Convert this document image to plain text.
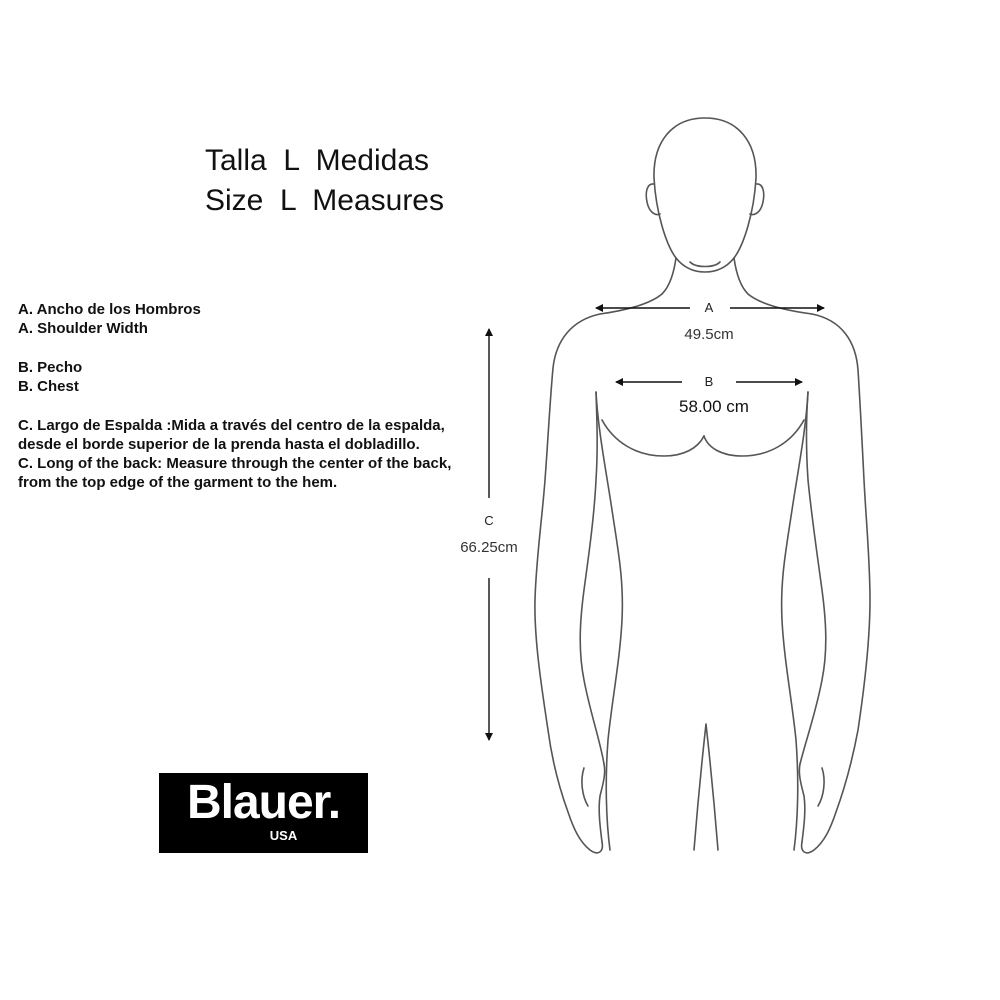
Talla  L  Medidas
Size  L  Measures
A. Ancho de los Hombros
A. Shoulder Width
B. Pecho
B. Chest
C. Largo de Espalda :Mida a través del centro de la espalda,
desde el borde superior de la prenda hasta el dobladillo.
C. Long of the back: Measure through the center of the back,
from the top edge of the garment to the hem.
A
49.5cm
B
58.00 cm
C
66.25cm
Blauer.
USA
